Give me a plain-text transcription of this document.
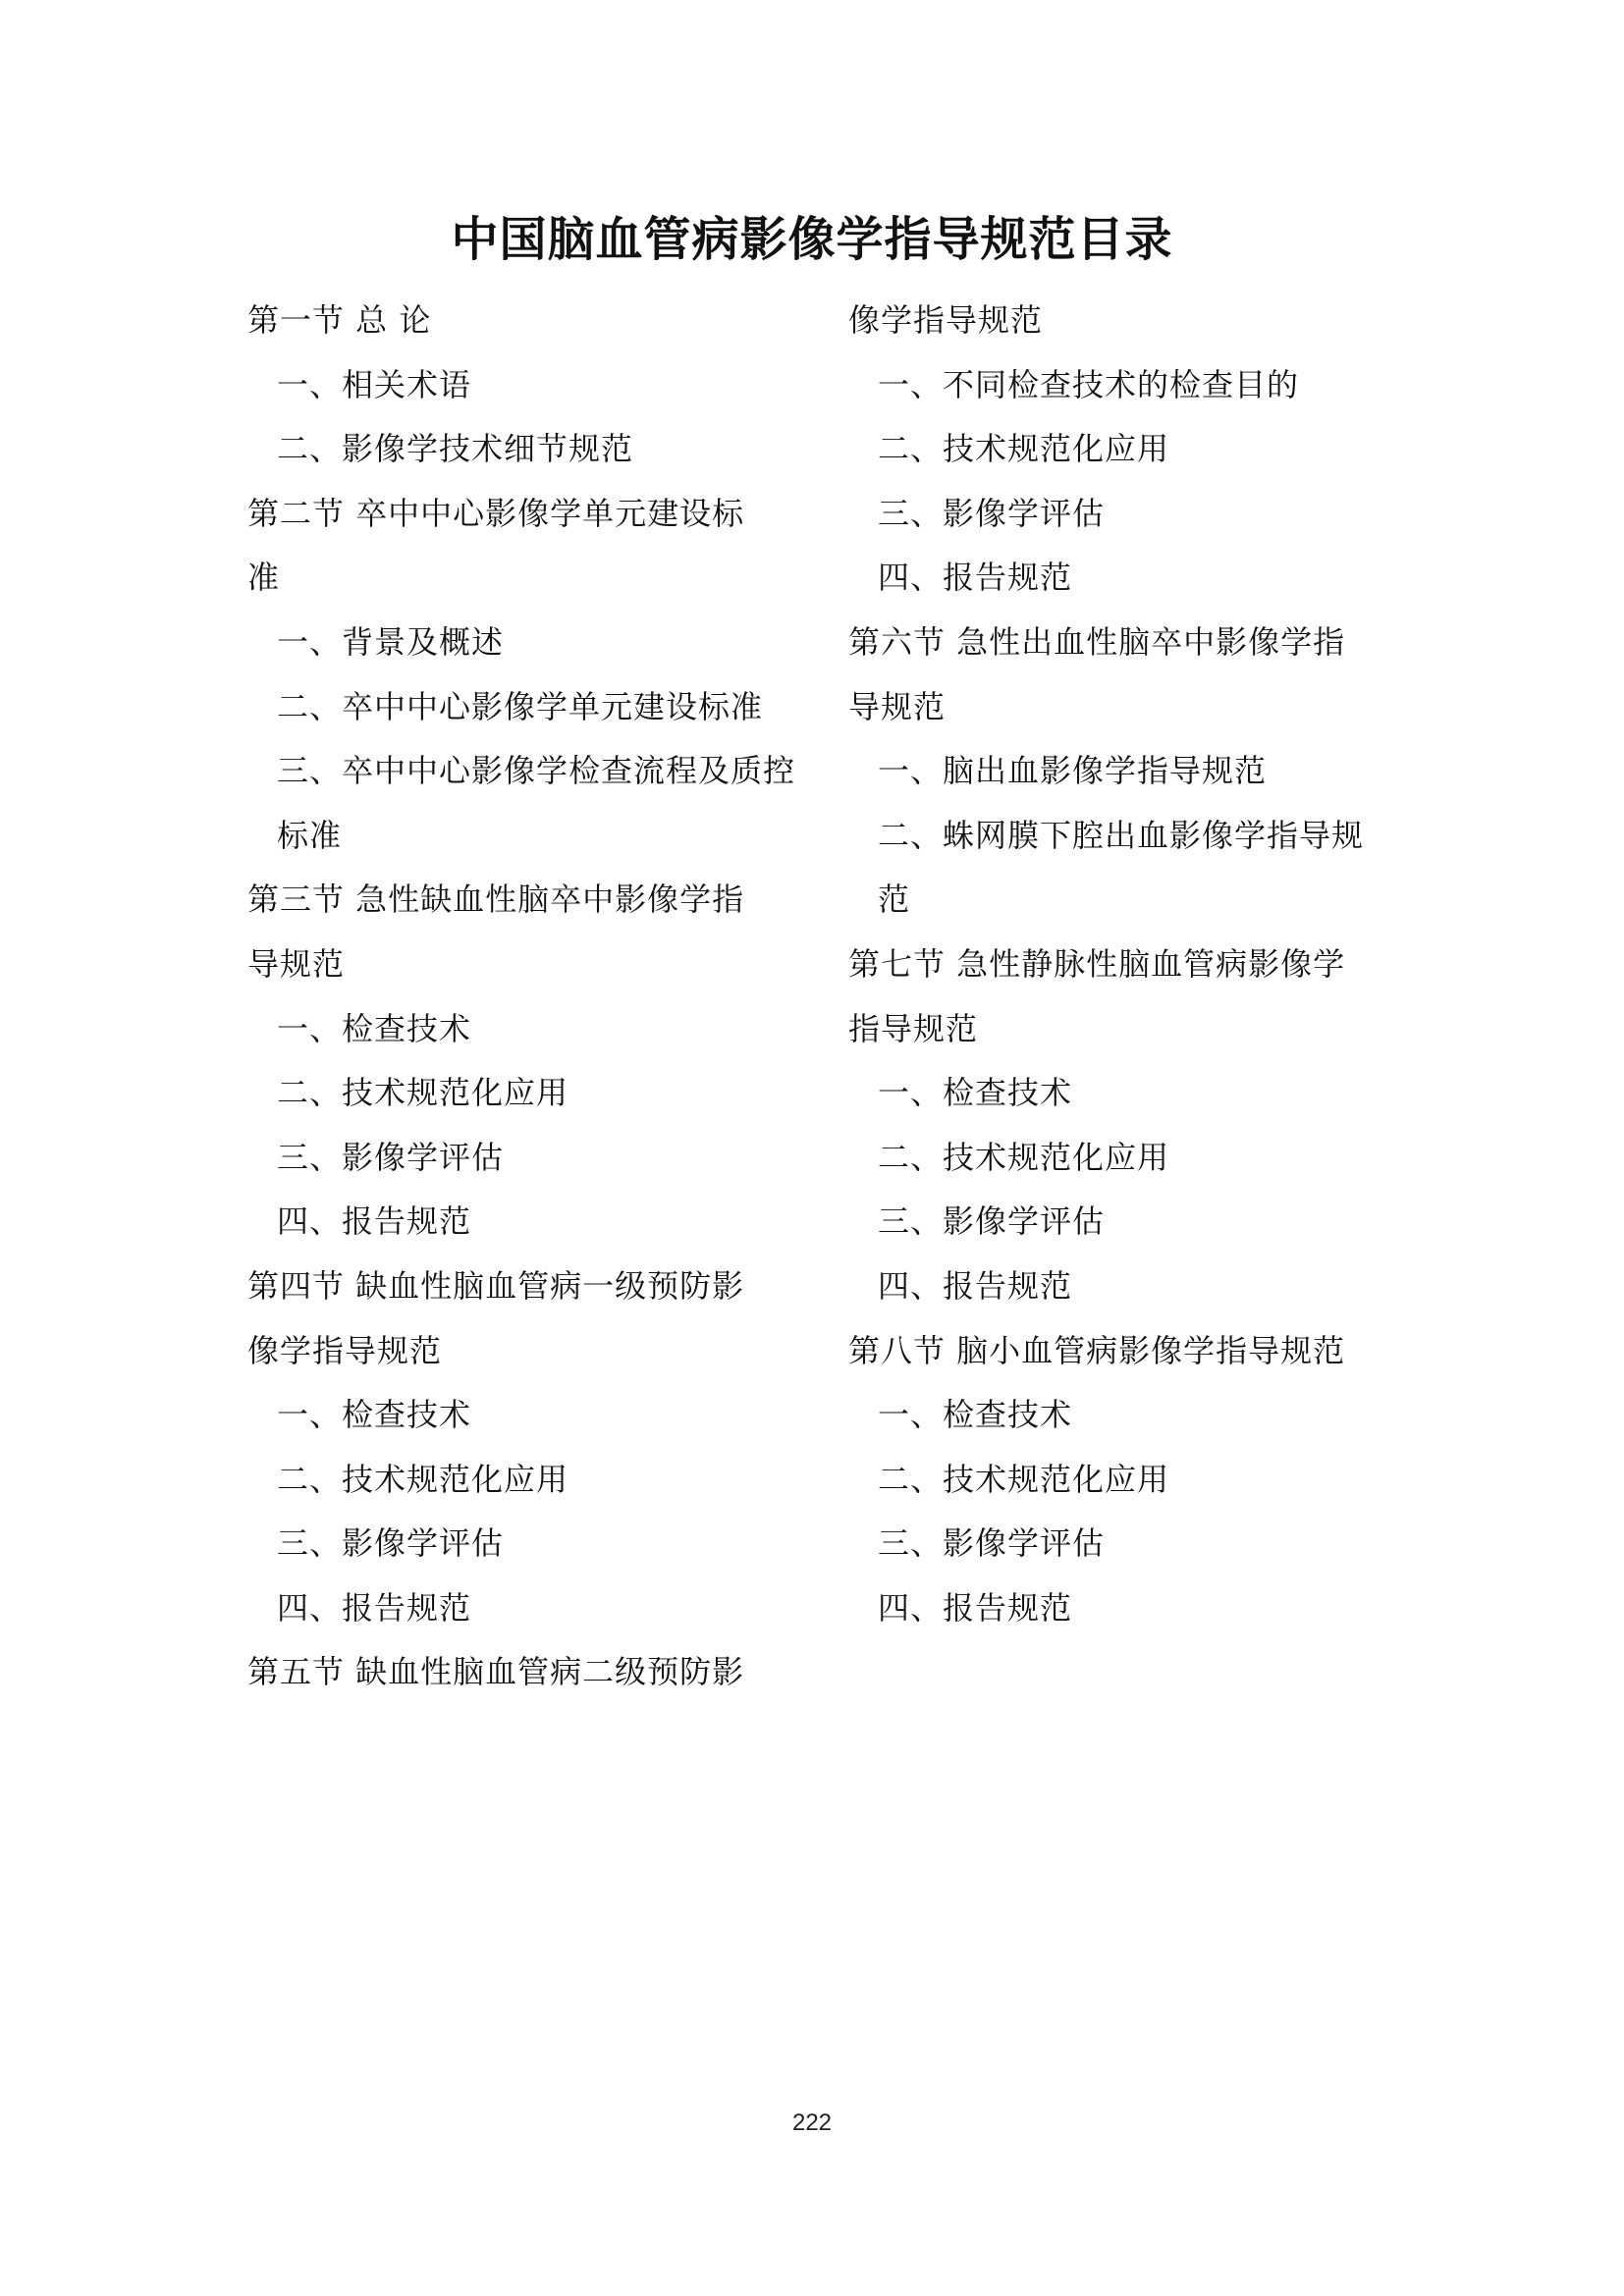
中国脑血管病影像学指导规范目录
第一节 总 论
一、相关术语
二、影像学技术细节规范
第二节 卒中中心影像学单元建设标
准
一、背景及概述
二、卒中中心影像学单元建设标准
三、卒中中心影像学检查流程及质控
标准
第三节 急性缺血性脑卒中影像学指
导规范
一、检查技术
二、技术规范化应用
三、影像学评估
四、报告规范
第四节 缺血性脑血管病一级预防影
像学指导规范
一、检查技术
二、技术规范化应用
三、影像学评估
四、报告规范
第五节 缺血性脑血管病二级预防影
像学指导规范
一、不同检查技术的检查目的
二、技术规范化应用
三、影像学评估
四、报告规范
第六节 急性出血性脑卒中影像学指
导规范
一、脑出血影像学指导规范
二、蛛网膜下腔出血影像学指导规
范
第七节 急性静脉性脑血管病影像学
指导规范
一、检查技术
二、技术规范化应用
三、影像学评估
四、报告规范
第八节 脑小血管病影像学指导规范
一、检查技术
二、技术规范化应用
三、影像学评估
四、报告规范
222
